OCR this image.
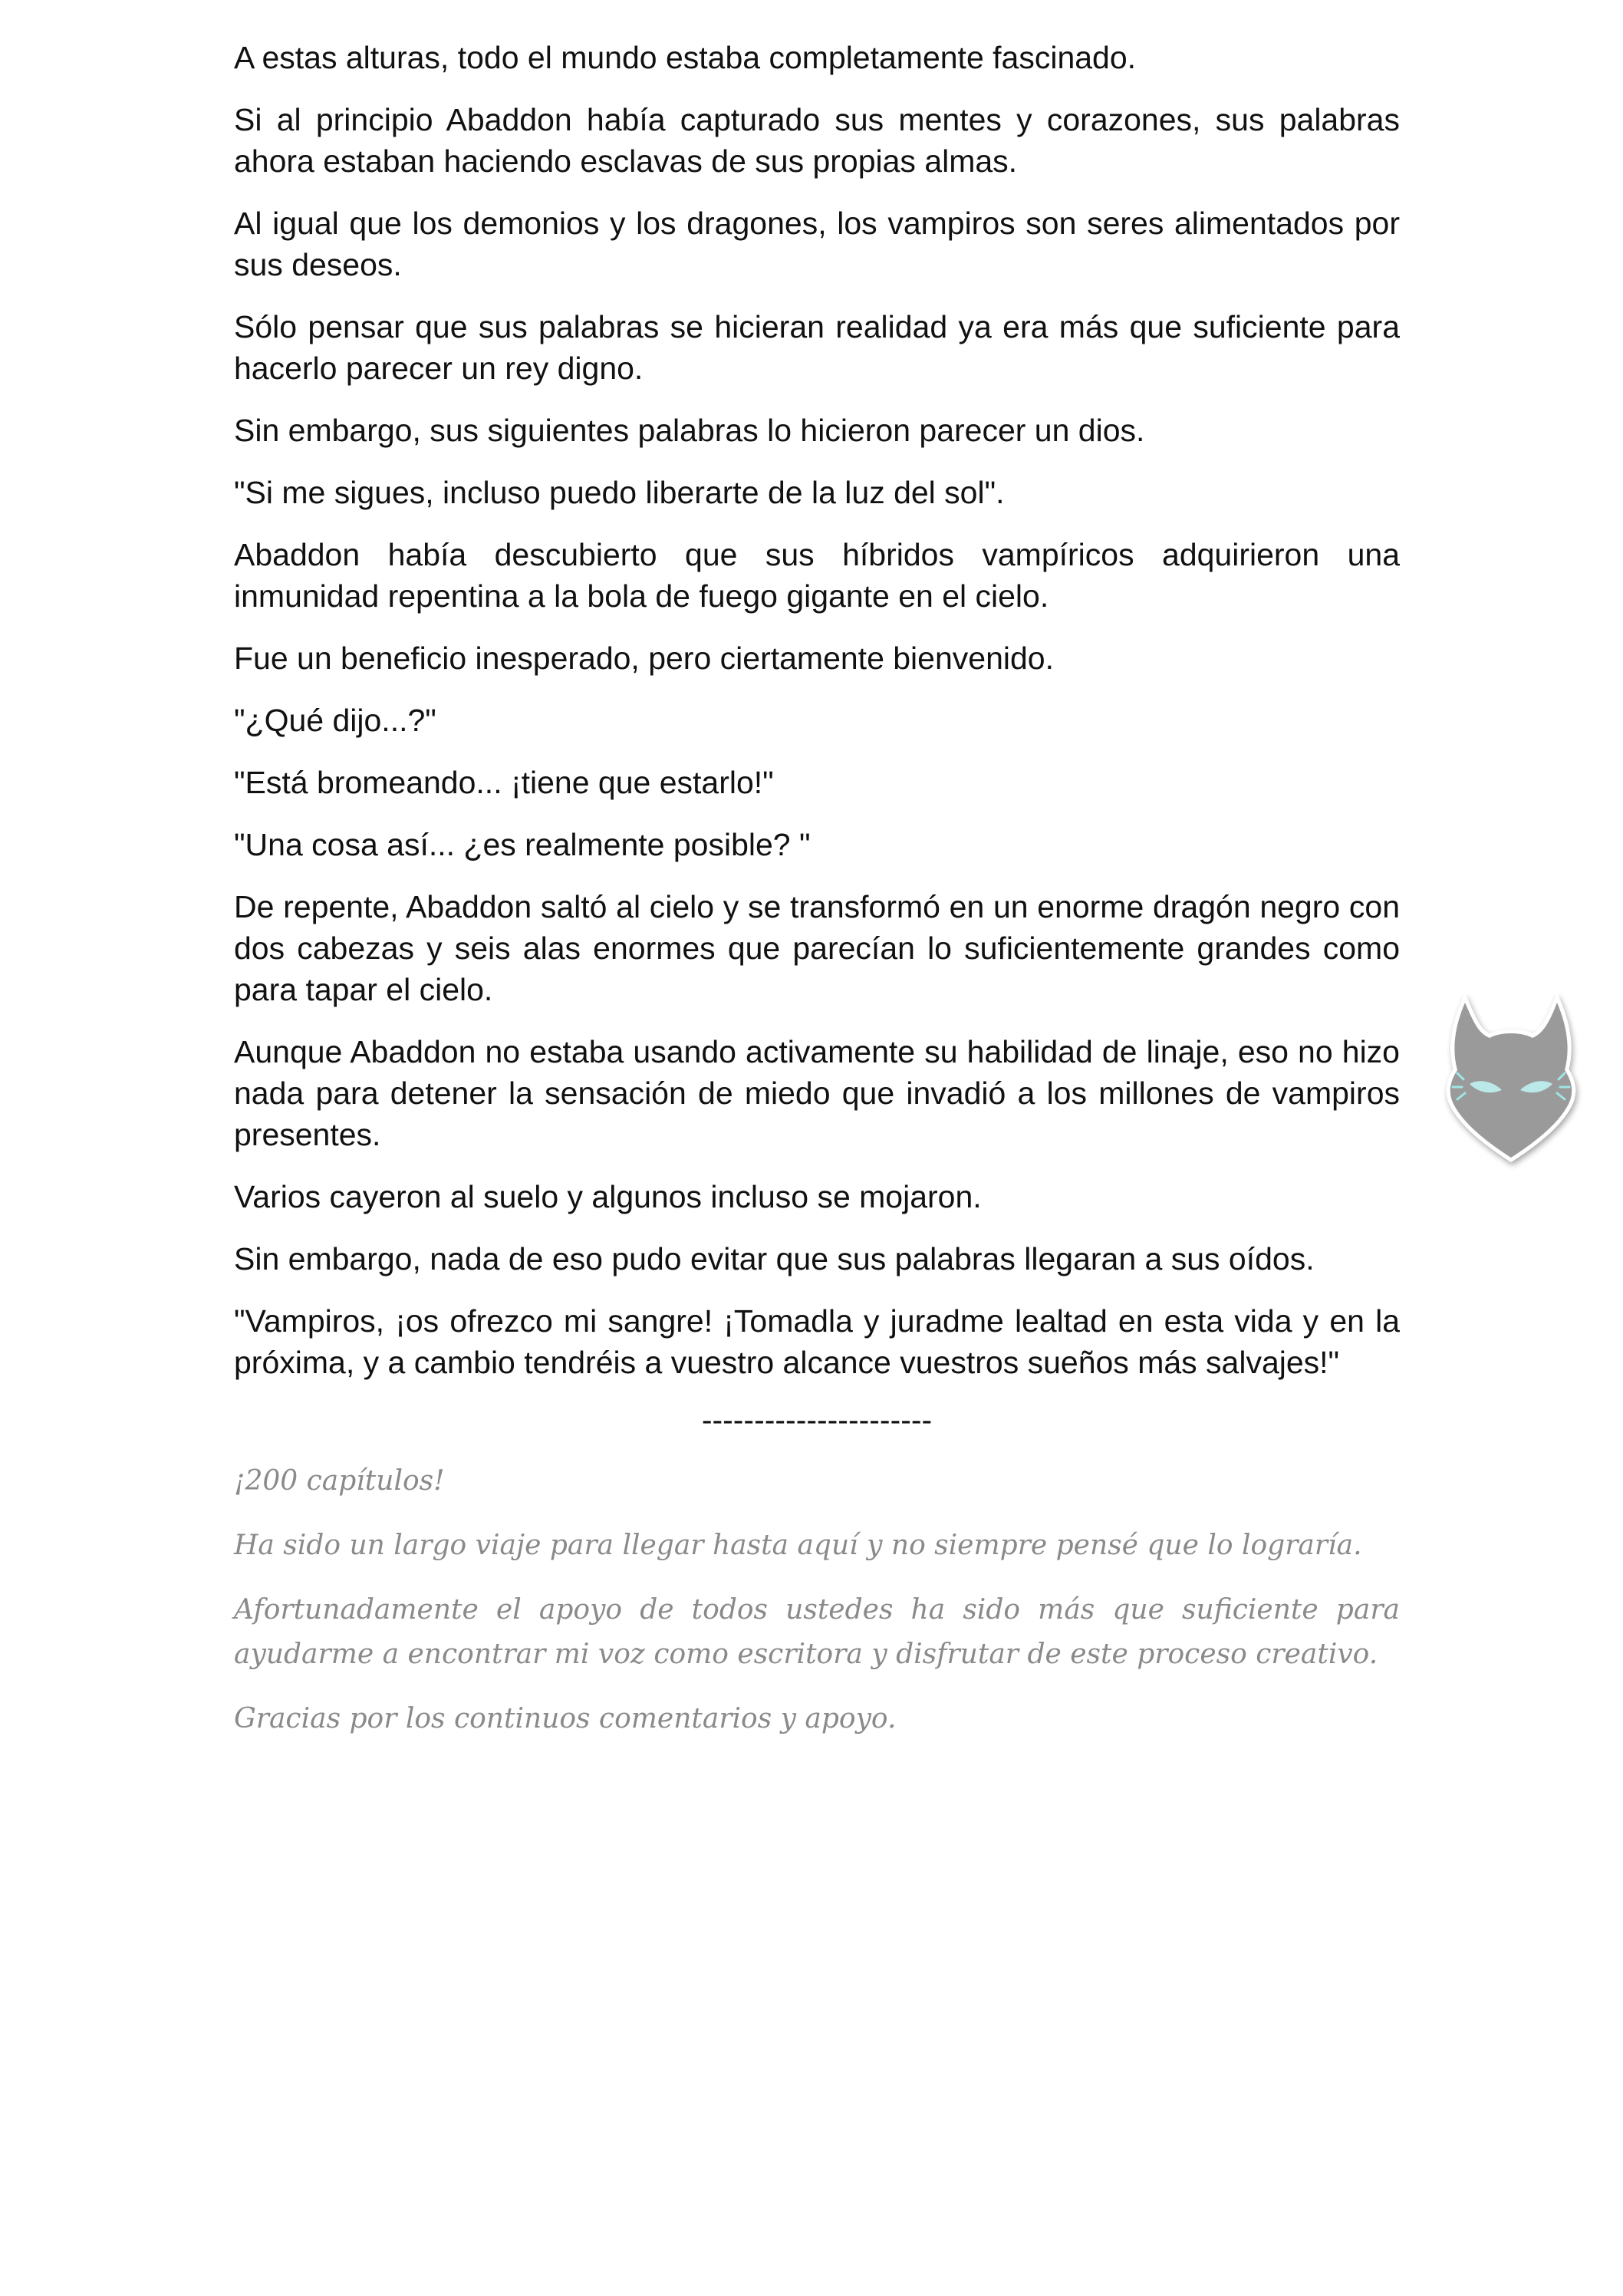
A estas alturas, todo el mundo estaba completamente fascinado.

Si al principio Abaddon había capturado sus mentes y corazones, sus palabras ahora estaban haciendo esclavas de sus propias almas.

Al igual que los demonios y los dragones, los vampiros son seres alimentados por sus deseos.

Sólo pensar que sus palabras se hicieran realidad ya era más que suficiente para hacerlo parecer un rey digno.

Sin embargo, sus siguientes palabras lo hicieron parecer un dios.

"Si me sigues, incluso puedo liberarte de la luz del sol".

Abaddon había descubierto que sus híbridos vampíricos adquirieron una inmunidad repentina a la bola de fuego gigante en el cielo.

Fue un beneficio inesperado, pero ciertamente bienvenido.

"¿Qué dijo...?"

"Está bromeando... ¡tiene que estarlo!"

"Una cosa así... ¿es realmente posible? "

De repente, Abaddon saltó al cielo y se transformó en un enorme dragón negro con dos cabezas y seis alas enormes que parecían lo suficientemente grandes como para tapar el cielo.

Aunque Abaddon no estaba usando activamente su habilidad de linaje, eso no hizo nada para detener la sensación de miedo que invadió a los millones de vampiros presentes.

Varios cayeron al suelo y algunos incluso se mojaron.

Sin embargo, nada de eso pudo evitar que sus palabras llegaran a sus oídos.

"Vampiros, ¡os ofrezco mi sangre! ¡Tomadla y juradme lealtad en esta vida y en la próxima, y a cambio tendréis a vuestro alcance vuestros sueños más salvajes!"

----------------------

¡200 capítulos!

Ha sido un largo viaje para llegar hasta aquí y no siempre pensé que lo lograría.

Afortunadamente el apoyo de todos ustedes ha sido más que suficiente para ayudarme a encontrar mi voz como escritora y disfrutar de este proceso creativo.

Gracias por los continuos comentarios y apoyo.
